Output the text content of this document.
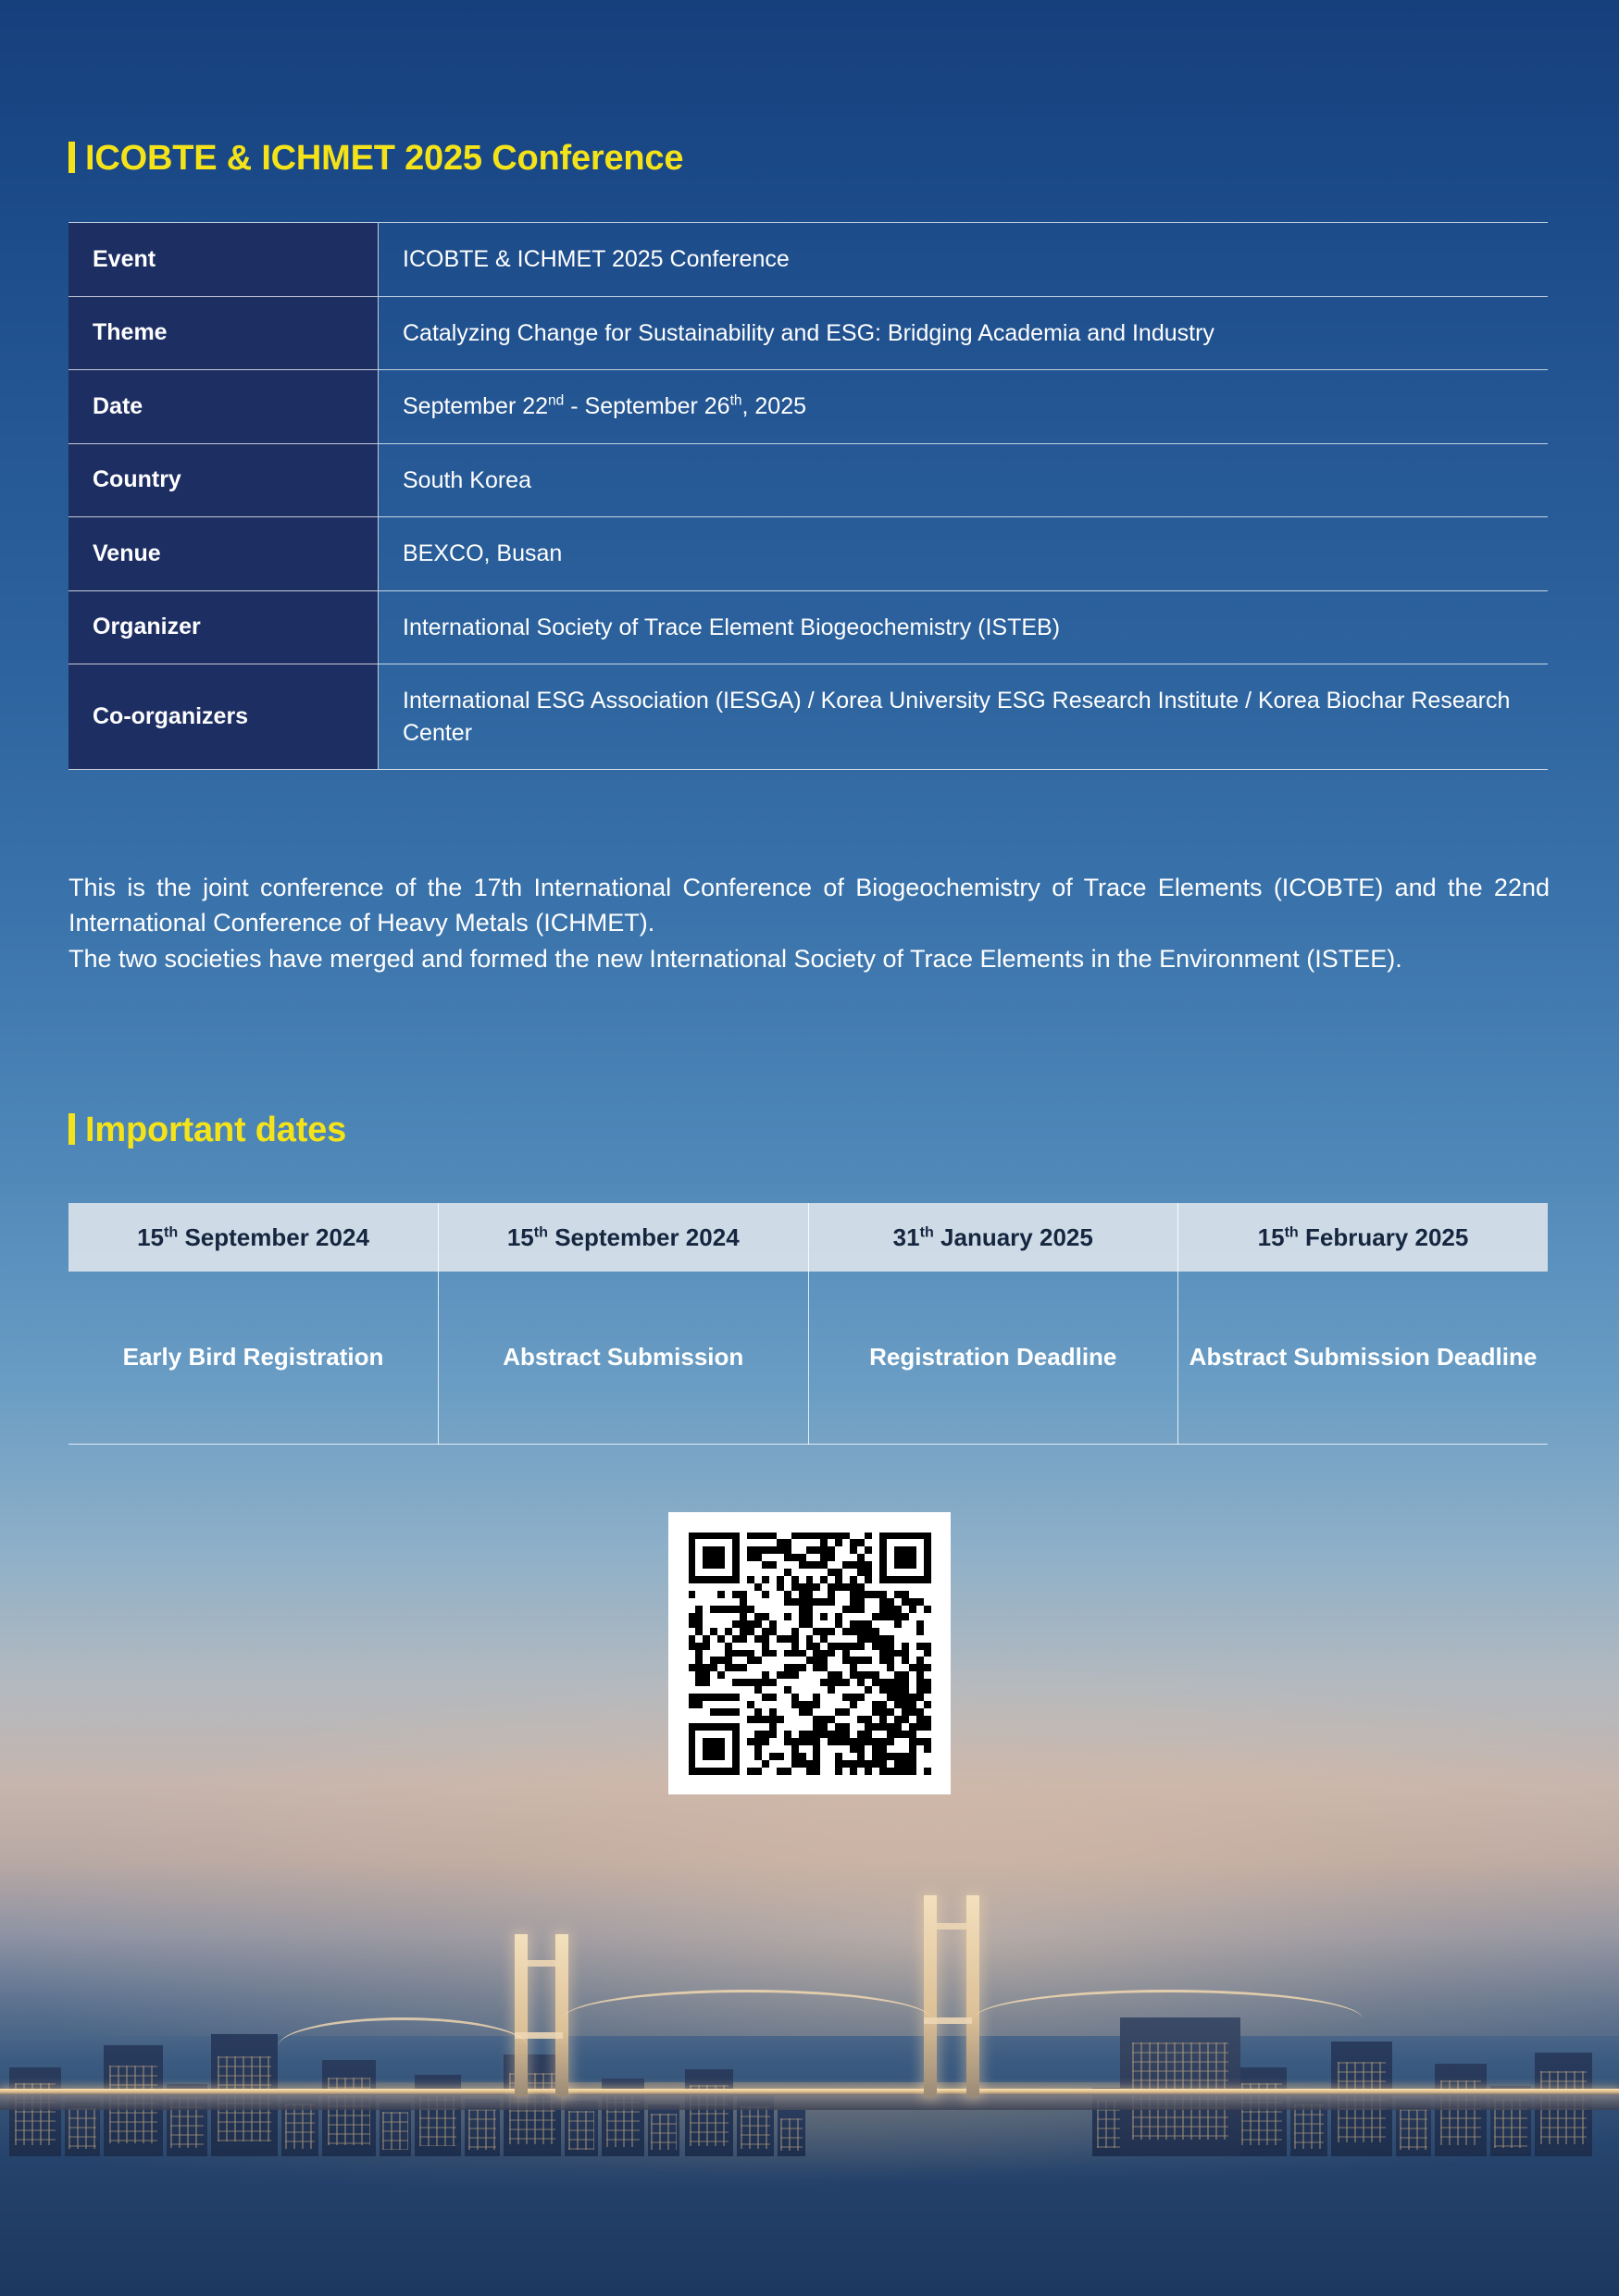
ICOBTE & ICHMET 2025 Conference
Event	ICOBTE & ICHMET 2025 Conference
Theme	Catalyzing Change for Sustainability and ESG: Bridging Academia and Industry
Date	September 22nd - September 26th, 2025
Country	South Korea
Venue	BEXCO, Busan
Organizer	International Society of Trace Element Biogeochemistry (ISTEB)
Co-organizers	International ESG Association (IESGA) / Korea University ESG Research Institute / Korea Biochar Research Center
This is the joint conference of the 17th International Conference of Biogeochemistry of Trace Elements (ICOBTE) and the 22nd International Conference of Heavy Metals (ICHMET).
The two societies have merged and formed the new International Society of Trace Elements in the Environment (ISTEE).
Important dates
15th September 2024	15th September 2024	31th January 2025	15th February 2025
Early Bird Registration	Abstract Submission	Registration Deadline	Abstract Submission Deadline
